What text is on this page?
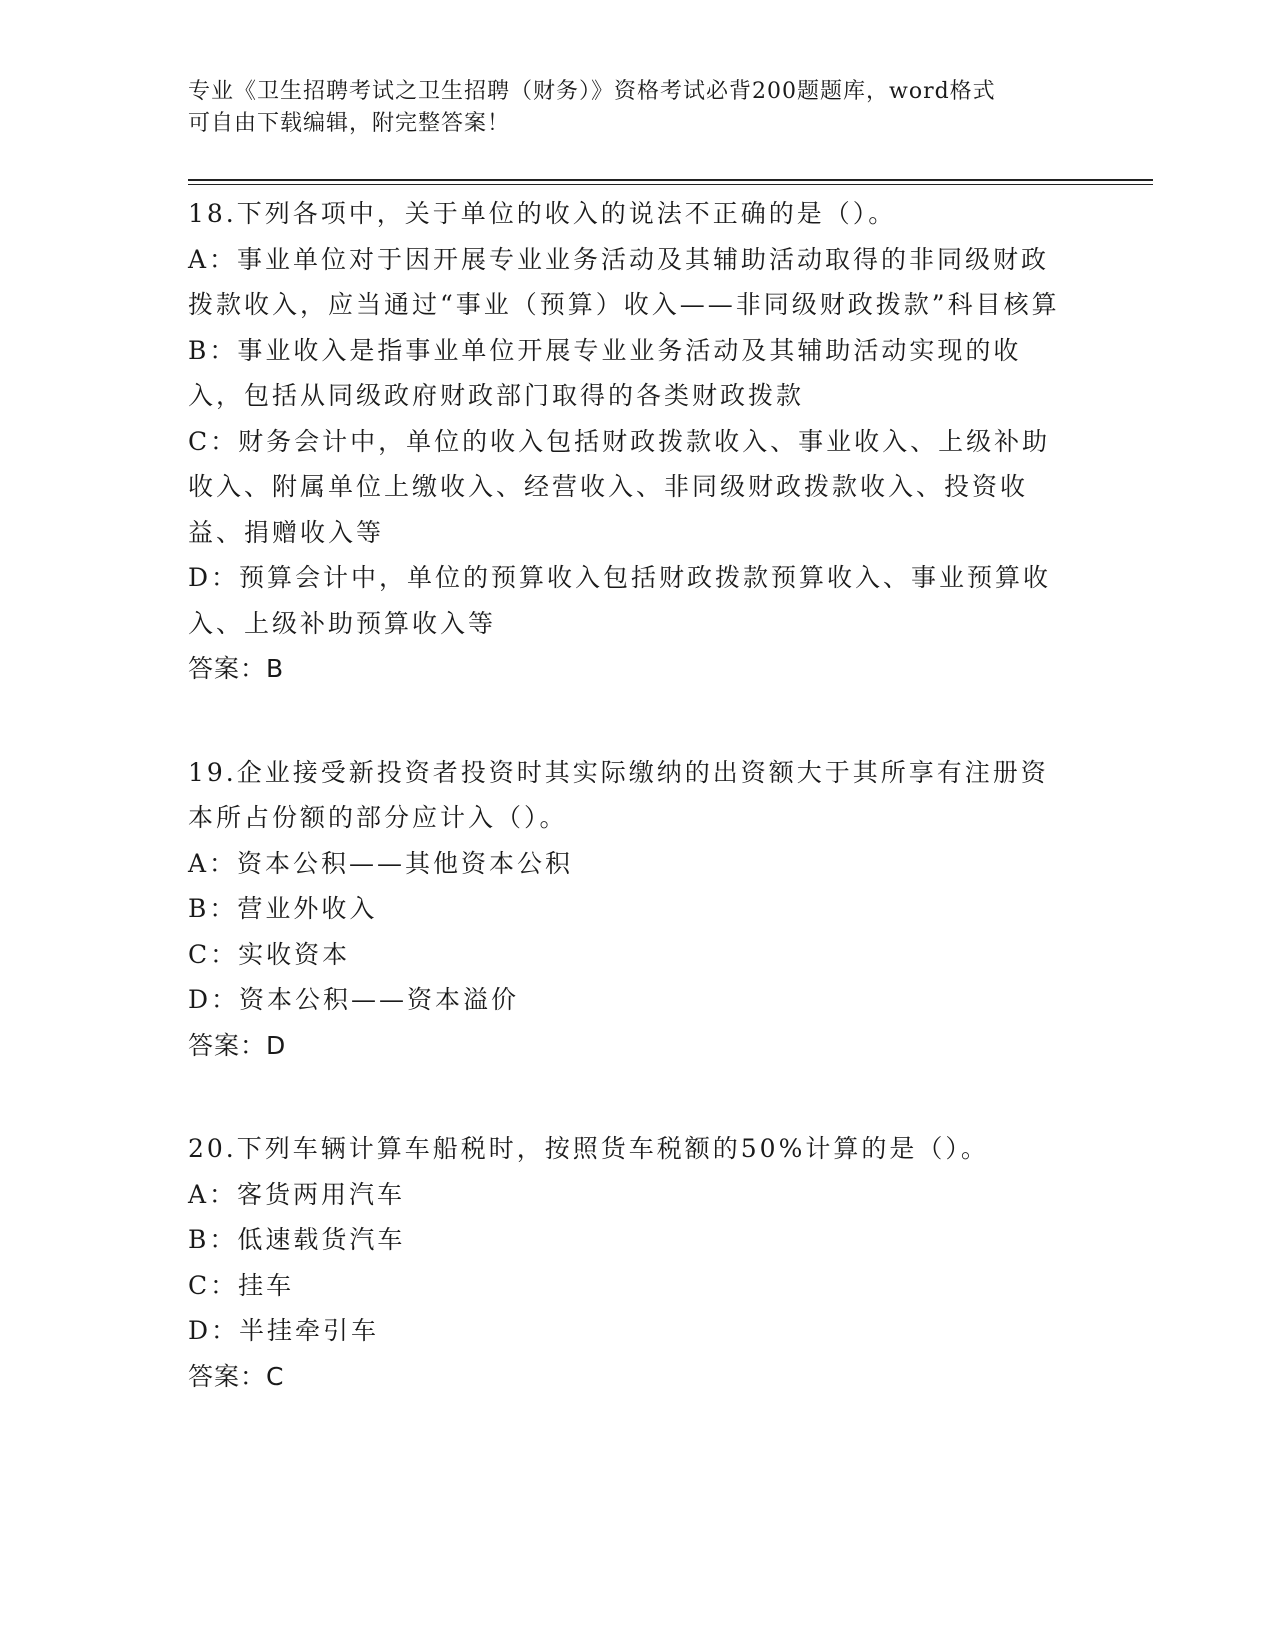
专业《卫生招聘考试之卫生招聘（财务）》资格考试必背200题题库，word格式
可自由下载编辑，附完整答案！

18.下列各项中，关于单位的收入的说法不正确的是（）。

A：事业单位对于因开展专业业务活动及其辅助活动取得的非同级财政拨款收入，应当通过“事业（预算）收入——非同级财政拨款”科目核算

B：事业收入是指事业单位开展专业业务活动及其辅助活动实现的收入，包括从同级政府财政部门取得的各类财政拨款

C：财务会计中，单位的收入包括财政拨款收入、事业收入、上级补助收入、附属单位上缴收入、经营收入、非同级财政拨款收入、投资收益、捐赠收入等

D：预算会计中，单位的预算收入包括财政拨款预算收入、事业预算收入、上级补助预算收入等

答案：B

19.企业接受新投资者投资时其实际缴纳的出资额大于其所享有注册资本所占份额的部分应计入（）。

A：资本公积——其他资本公积

B：营业外收入

C：实收资本

D：资本公积——资本溢价

答案：D

20.下列车辆计算车船税时，按照货车税额的50%计算的是（）。

A：客货两用汽车

B：低速载货汽车

C：挂车

D：半挂牵引车

答案：C
